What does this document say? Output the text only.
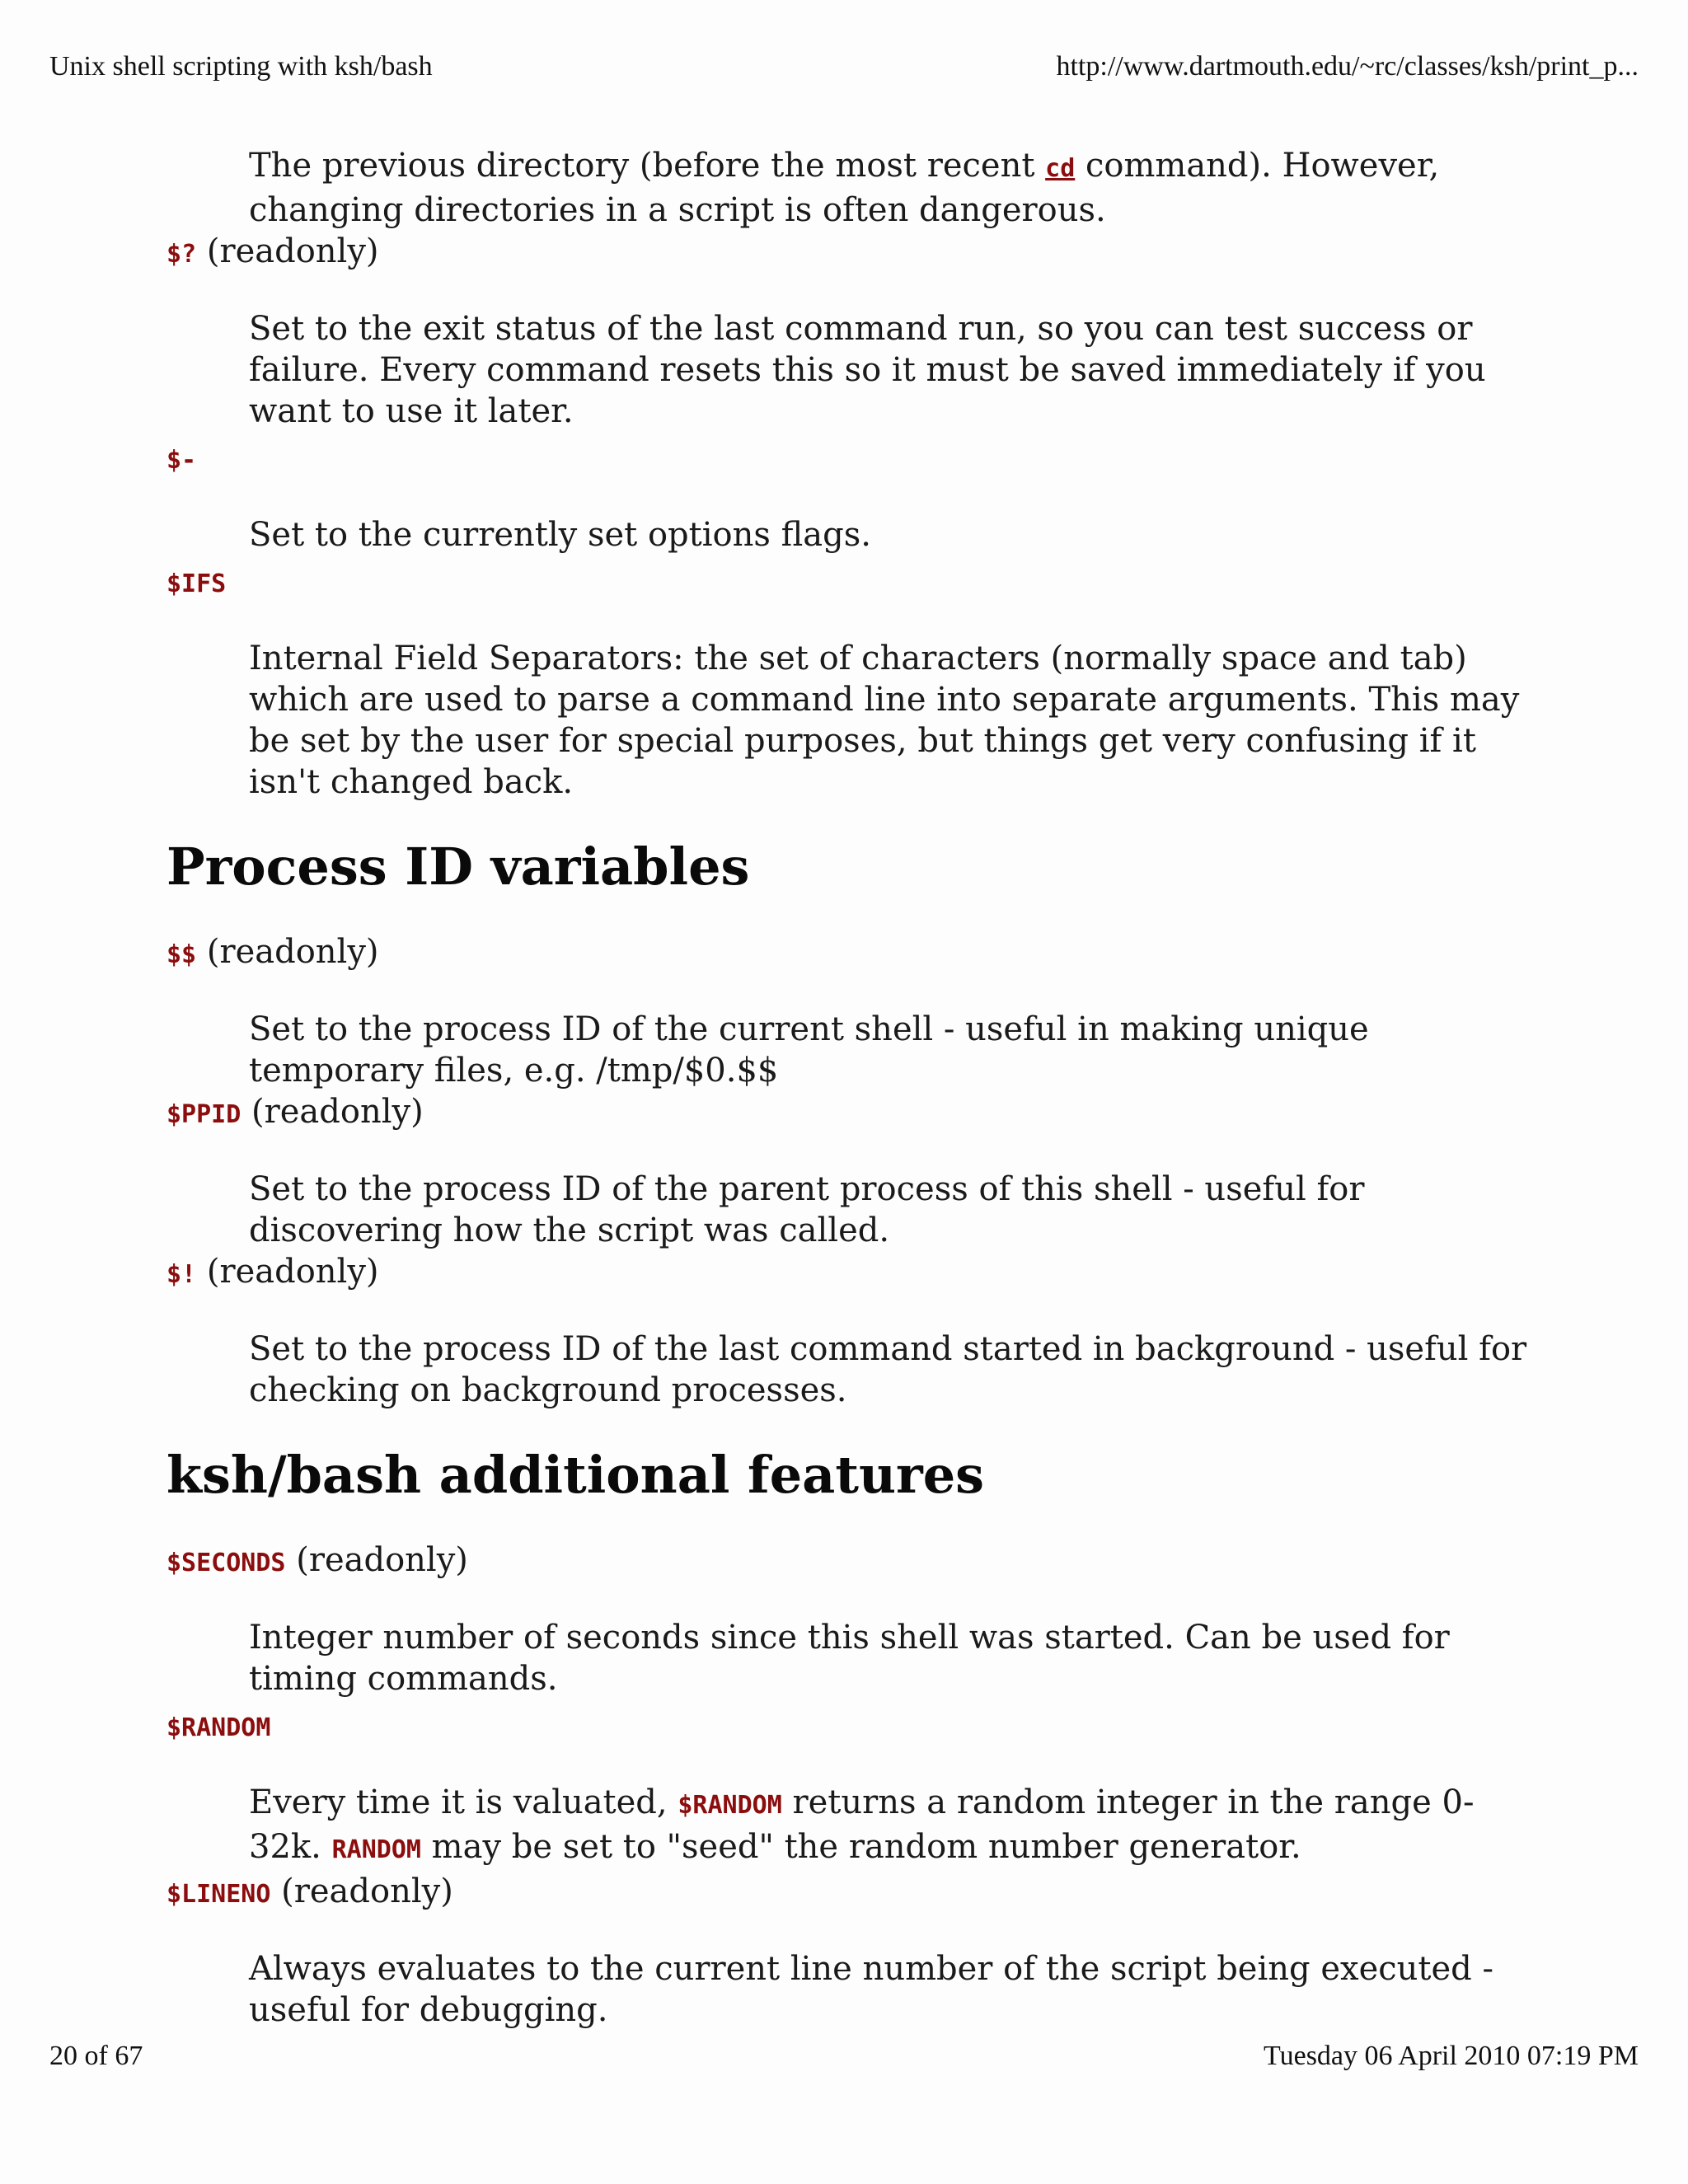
Unix shell scripting with ksh/bash	http://www.dartmouth.edu/~rc/classes/ksh/print_p...

The previous directory (before the most recent cd command). However, changing directories in a script is often dangerous.

$? (readonly)

Set to the exit status of the last command run, so you can test success or failure. Every command resets this so it must be saved immediately if you want to use it later.

$-

Set to the currently set options flags.

$IFS

Internal Field Separators: the set of characters (normally space and tab) which are used to parse a command line into separate arguments. This may be set by the user for special purposes, but things get very confusing if it isn't changed back.

Process ID variables
$$ (readonly)

Set to the process ID of the current shell - useful in making unique temporary files, e.g. /tmp/$0.$$

$PPID (readonly)

Set to the process ID of the parent process of this shell - useful for discovering how the script was called.

$! (readonly)

Set to the process ID of the last command started in background - useful for checking on background processes.

ksh/bash additional features
$SECONDS (readonly)

Integer number of seconds since this shell was started. Can be used for timing commands.

$RANDOM

Every time it is valuated, $RANDOM returns a random integer in the range 0-32k. RANDOM may be set to "seed" the random number generator.

$LINENO (readonly)

Always evaluates to the current line number of the script being executed - useful for debugging.

20 of 67	Tuesday 06 April 2010 07:19 PM
